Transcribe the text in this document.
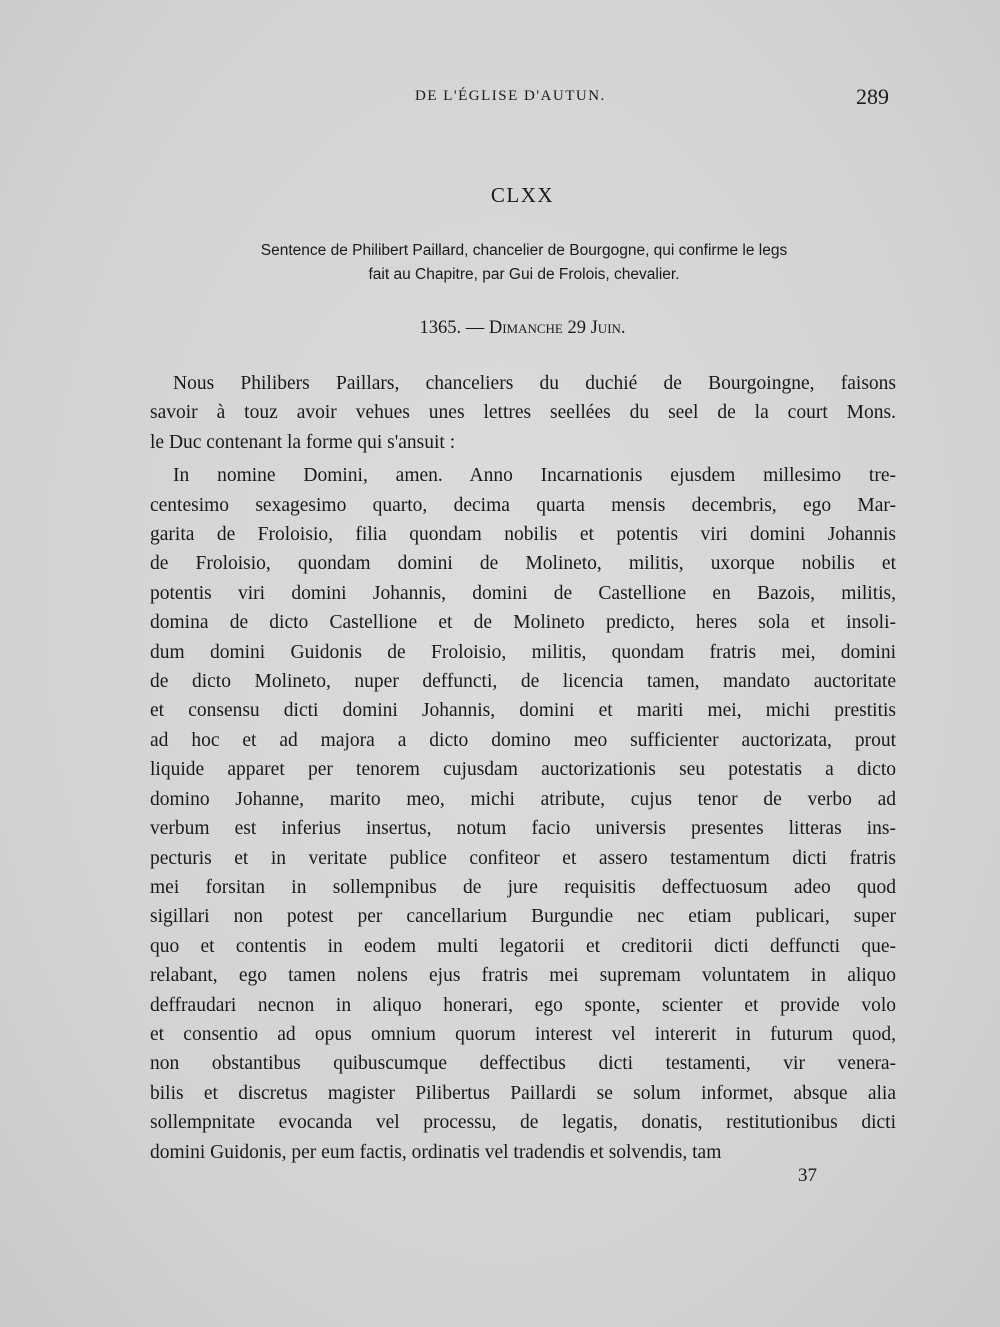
DE L'ÉGLISE D'AUTUN.	289
CLXX
Sentence de Philibert Paillard, chancelier de Bourgogne, qui confirme le legs
fait au Chapitre, par Gui de Frolois, chevalier.
1365. — Dimanche 29 Juin.
Nous Philibers Paillars, chanceliers du duchié de Bourgoingne, faisons
savoir à touz avoir vehues unes lettres seellées du seel de la court Mons.
le Duc contenant la forme qui s'ansuit :
In nomine Domini, amen. Anno Incarnationis ejusdem millesimo tre-
centesimo sexagesimo quarto, decima quarta mensis decembris, ego Mar-
garita de Froloisio, filia quondam nobilis et potentis viri domini Johannis
de Froloisio, quondam domini de Molineto, militis, uxorque nobilis et
potentis viri domini Johannis, domini de Castellione en Bazois, militis,
domina de dicto Castellione et de Molineto predicto, heres sola et insoli-
dum domini Guidonis de Froloisio, militis, quondam fratris mei, domini
de dicto Molineto, nuper deffuncti, de licencia tamen, mandato auctoritate
et consensu dicti domini Johannis, domini et mariti mei, michi prestitis
ad hoc et ad majora a dicto domino meo sufficienter auctorizata, prout
liquide apparet per tenorem cujusdam auctorizationis seu potestatis a dicto
domino Johanne, marito meo, michi atribute, cujus tenor de verbo ad
verbum est inferius insertus, notum facio universis presentes litteras ins-
pecturis et in veritate publice confiteor et assero testamentum dicti fratris
mei forsitan in sollempnibus de jure requisitis deffectuosum adeo quod
sigillari non potest per cancellarium Burgundie nec etiam publicari, super
quo et contentis in eodem multi legatorii et creditorii dicti deffuncti que-
relabant, ego tamen nolens ejus fratris mei supremam voluntatem in aliquo
deffraudari necnon in aliquo honerari, ego sponte, scienter et provide volo
et consentio ad opus omnium quorum interest vel intererit in futurum quod,
non obstantibus quibuscumque deffectibus dicti testamenti, vir venera-
bilis et discretus magister Pilibertus Paillardi se solum informet, absque alia
sollempnitate evocanda vel processu, de legatis, donatis, restitutionibus dicti
domini Guidonis, per eum factis, ordinatis vel tradendis et solvendis, tam
37
